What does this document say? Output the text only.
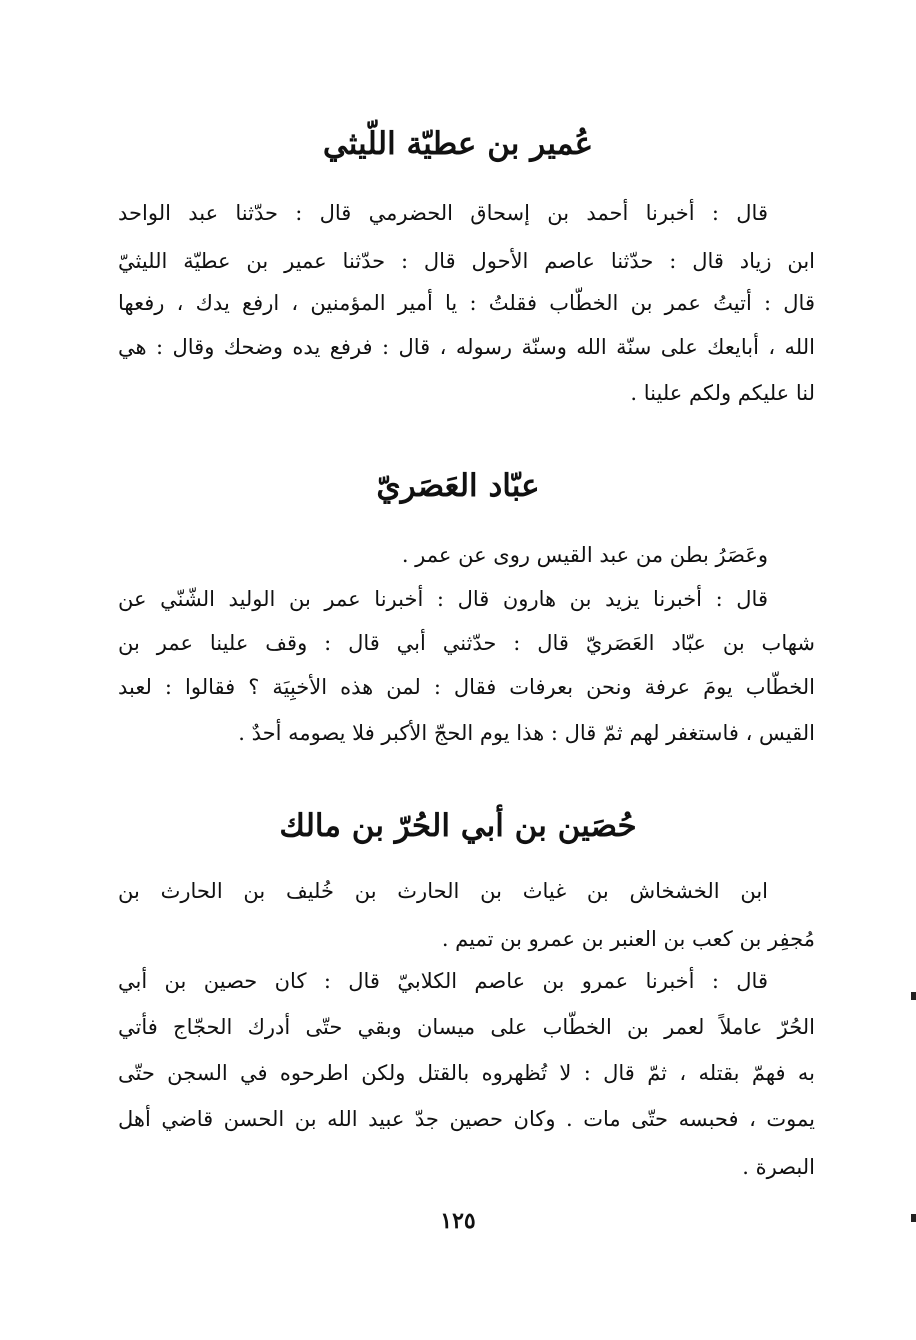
عُمير بن عطيّة اللّيثي
قال : أخبرنا أحمد بن إسحاق الحضرمي قال : حدّثنا عبد الواحد
ابن زياد قال : حدّثنا عاصم الأحول قال : حدّثنا عمير بن عطيّة الليثيّ
قال : أتيتُ عمر بن الخطّاب فقلتُ : يا أمير المؤمنين ، ارفع يدك ، رفعها
الله ، أبايعك على سنّة الله وسنّة رسوله ، قال : فرفع يده وضحك وقال : هي
لنا عليكم ولكم علينا .
عبّاد العَصَريّ
وعَصَرُ بطن من عبد القيس روى عن عمر .
قال : أخبرنا يزيد بن هارون قال : أخبرنا عمر بن الوليد الشّنّي عن
شهاب بن عبّاد العَصَريّ قال : حدّثني أبي قال : وقف علينا عمر بن
الخطّاب يومَ عرفة ونحن بعرفات فقال : لمن هذه الأخبِيَة ؟ فقالوا : لعبد
القيس ، فاستغفر لهم ثمّ قال : هذا يوم الحجّ الأكبر فلا يصومه أحدٌ .
حُصَين بن أبي الحُرّ بن مالك
ابن الخشخاش بن غياث بن الحارث بن خُليف بن الحارث بن
مُجفِر بن كعب بن العنبر بن عمرو بن تميم .
قال : أخبرنا عمرو بن عاصم الكلابيّ قال : كان حصين بن أبي
الحُرّ عاملاً لعمر بن الخطّاب على ميسان وبقي حتّى أدرك الحجّاج فأتي
به فهمّ بقتله ، ثمّ قال : لا تُظهروه بالقتل ولكن اطرحوه في السجن حتّى
يموت ، فحبسه حتّى مات . وكان حصين جدّ عبيد الله بن الحسن قاضي أهل
البصرة .
١٢٥
